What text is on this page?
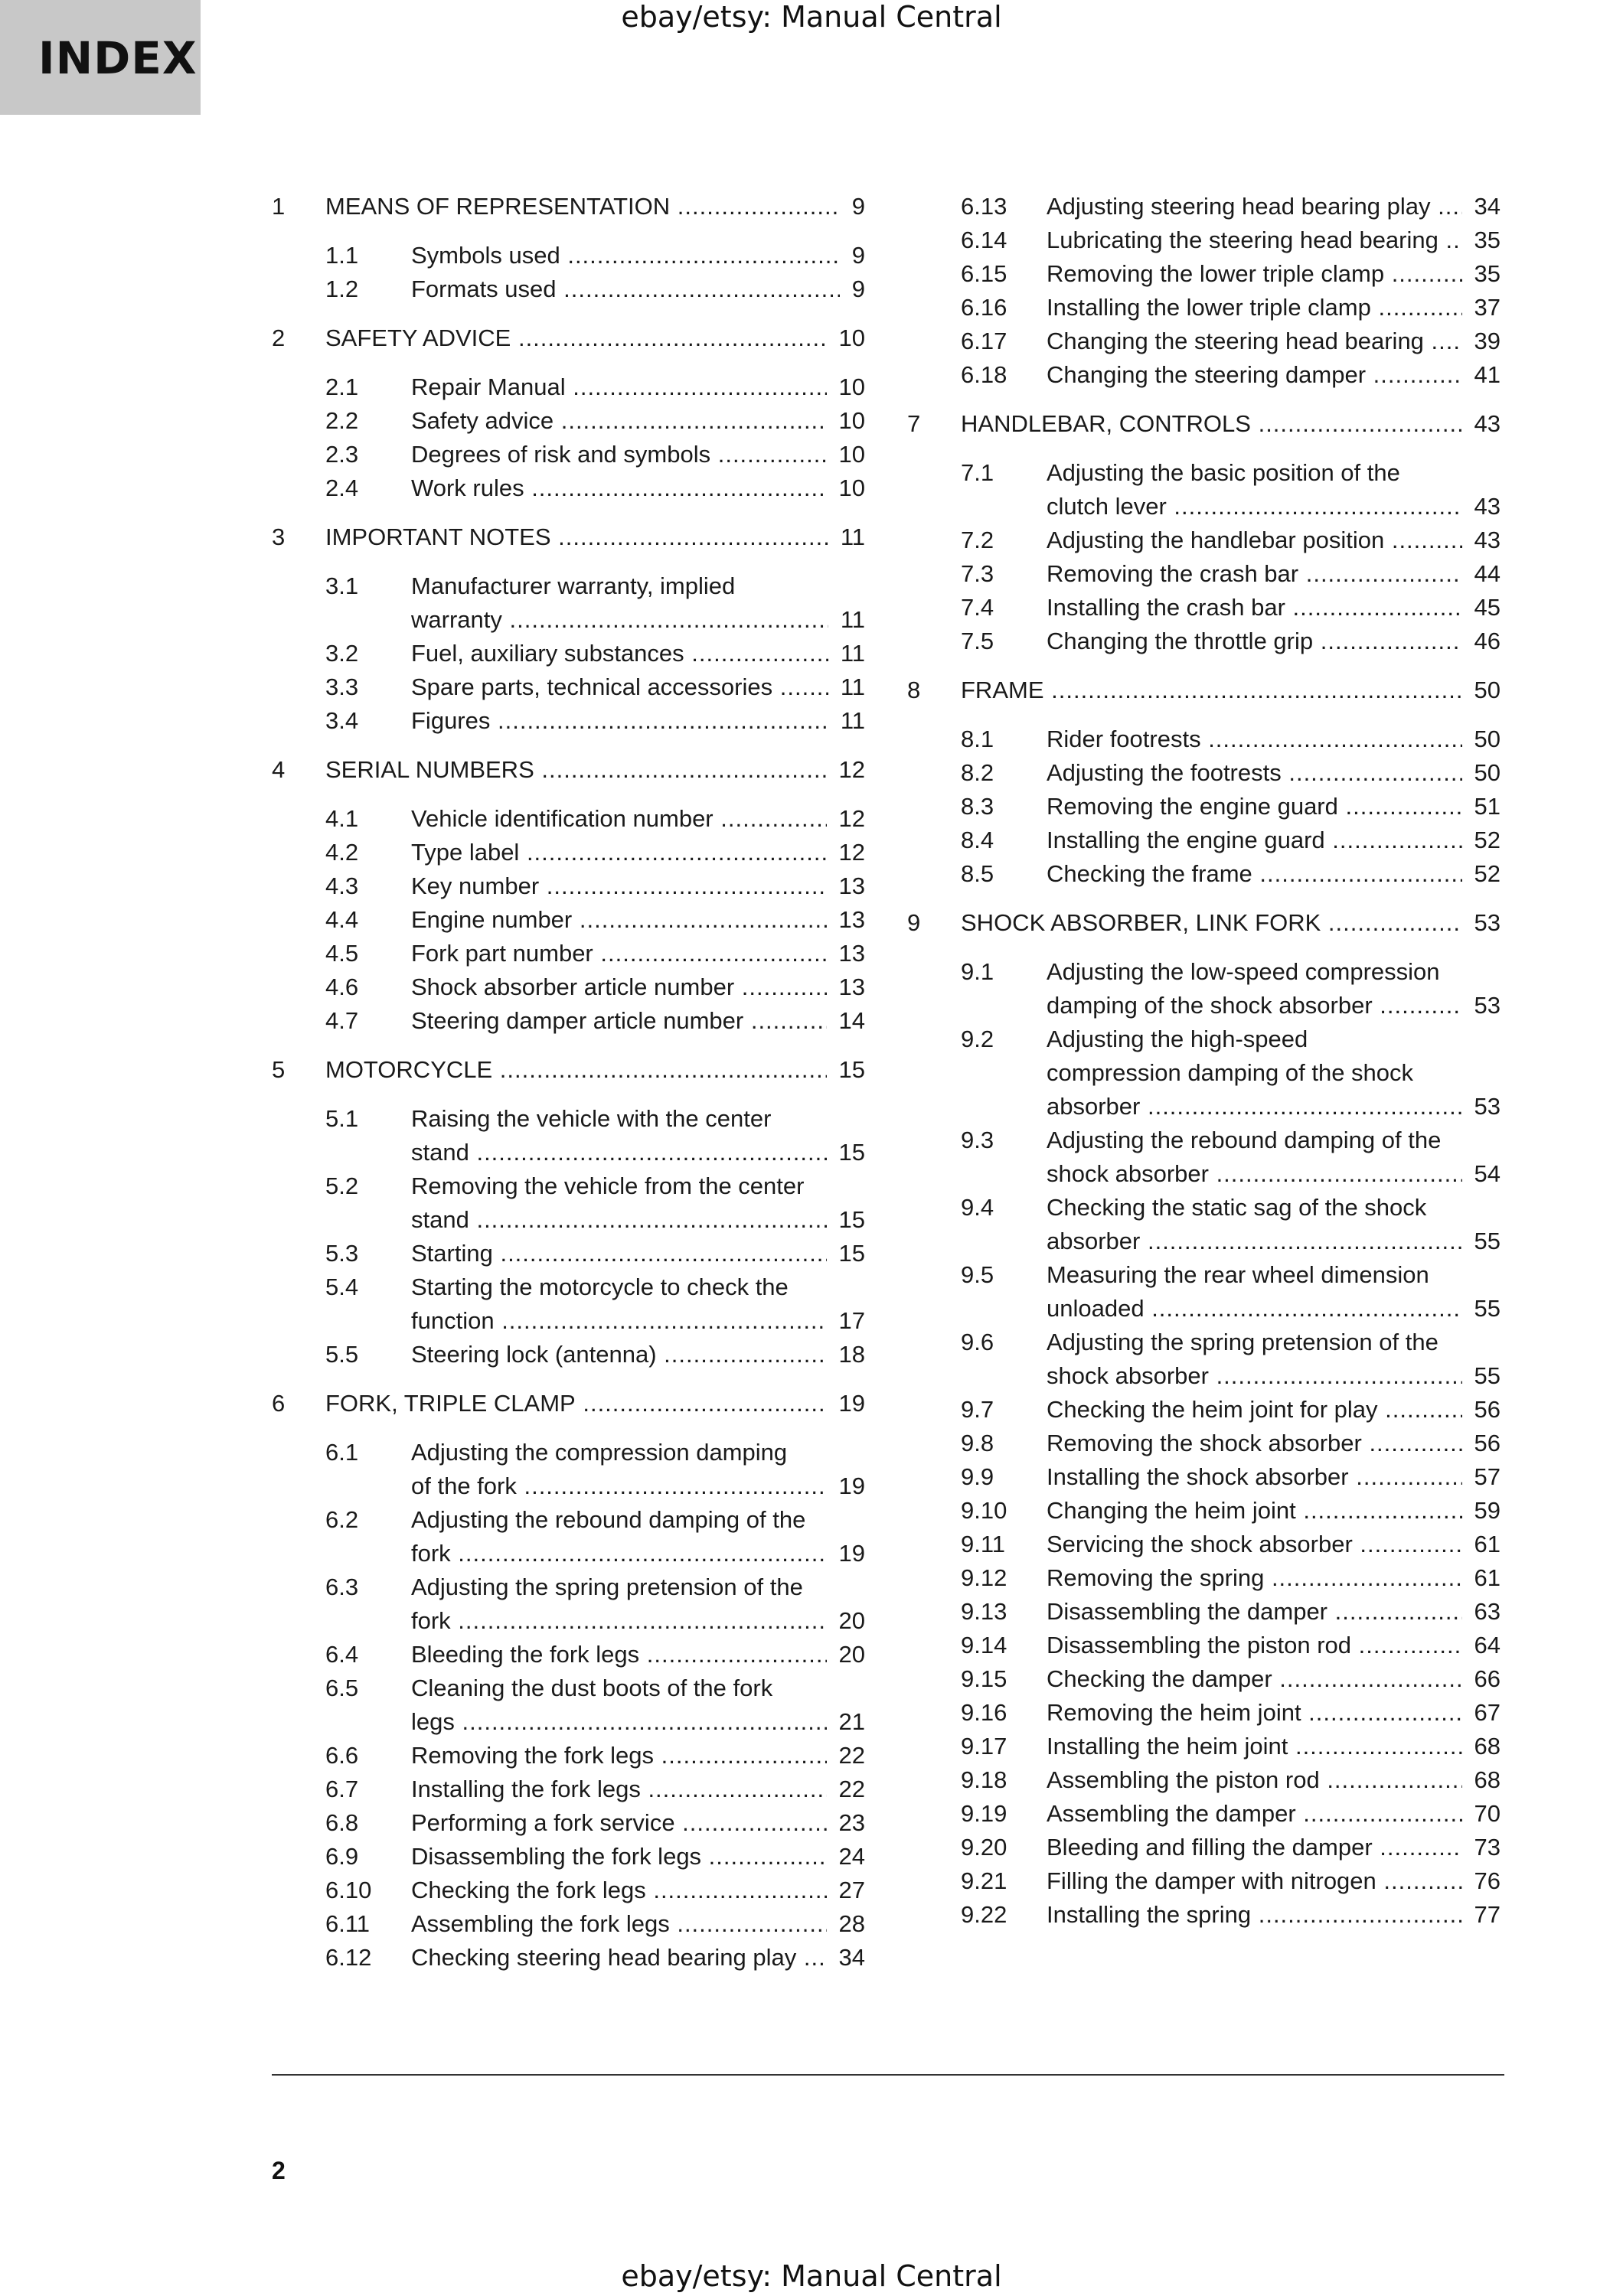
INDEX
ebay/etsy: Manual Central
1	MEANS OF REPRESENTATION .....	9
1.1	Symbols used .....	9
1.2	Formats used .....	9
2	SAFETY ADVICE .....	10
2.1	Repair Manual .....	10
2.2	Safety advice .....	10
2.3	Degrees of risk and symbols .....	10
2.4	Work rules .....	10
3	IMPORTANT NOTES .....	11
3.1	Manufacturer warranty, implied
warranty .....	11
3.2	Fuel, auxiliary substances .....	11
3.3	Spare parts, technical accessories .....	11
3.4	Figures .....	11
4	SERIAL NUMBERS .....	12
4.1	Vehicle identification number .....	12
4.2	Type label .....	12
4.3	Key number .....	13
4.4	Engine number .....	13
4.5	Fork part number .....	13
4.6	Shock absorber article number .....	13
4.7	Steering damper article number .....	14
5	MOTORCYCLE .....	15
5.1	Raising the vehicle with the center
stand .....	15
5.2	Removing the vehicle from the center
stand .....	15
5.3	Starting .....	15
5.4	Starting the motorcycle to check the
function .....	17
5.5	Steering lock (antenna) .....	18
6	FORK, TRIPLE CLAMP .....	19
6.1	Adjusting the compression damping
of the fork .....	19
6.2	Adjusting the rebound damping of the
fork .....	19
6.3	Adjusting the spring pretension of the
fork .....	20
6.4	Bleeding the fork legs .....	20
6.5	Cleaning the dust boots of the fork
legs .....	21
6.6	Removing the fork legs .....	22
6.7	Installing the fork legs .....	22
6.8	Performing a fork service .....	23
6.9	Disassembling the fork legs .....	24
6.10	Checking the fork legs .....	27
6.11	Assembling the fork legs .....	28
6.12	Checking steering head bearing play .....	34
6.13	Adjusting steering head bearing play .....	34
6.14	Lubricating the steering head bearing .....	35
6.15	Removing the lower triple clamp .....	35
6.16	Installing the lower triple clamp .....	37
6.17	Changing the steering head bearing .....	39
6.18	Changing the steering damper .....	41
7	HANDLEBAR, CONTROLS .....	43
7.1	Adjusting the basic position of the
clutch lever .....	43
7.2	Adjusting the handlebar position .....	43
7.3	Removing the crash bar .....	44
7.4	Installing the crash bar .....	45
7.5	Changing the throttle grip .....	46
8	FRAME .....	50
8.1	Rider footrests .....	50
8.2	Adjusting the footrests .....	50
8.3	Removing the engine guard .....	51
8.4	Installing the engine guard .....	52
8.5	Checking the frame .....	52
9	SHOCK ABSORBER, LINK FORK .....	53
9.1	Adjusting the low-speed compression
damping of the shock absorber .....	53
9.2	Adjusting the high-speed
compression damping of the shock
absorber .....	53
9.3	Adjusting the rebound damping of the
shock absorber .....	54
9.4	Checking the static sag of the shock
absorber .....	55
9.5	Measuring the rear wheel dimension
unloaded .....	55
9.6	Adjusting the spring pretension of the
shock absorber .....	55
9.7	Checking the heim joint for play .....	56
9.8	Removing the shock absorber .....	56
9.9	Installing the shock absorber .....	57
9.10	Changing the heim joint .....	59
9.11	Servicing the shock absorber .....	61
9.12	Removing the spring .....	61
9.13	Disassembling the damper .....	63
9.14	Disassembling the piston rod .....	64
9.15	Checking the damper .....	66
9.16	Removing the heim joint .....	67
9.17	Installing the heim joint .....	68
9.18	Assembling the piston rod .....	68
9.19	Assembling the damper .....	70
9.20	Bleeding and filling the damper .....	73
9.21	Filling the damper with nitrogen .....	76
9.22	Installing the spring .....	77
2
ebay/etsy: Manual Central
